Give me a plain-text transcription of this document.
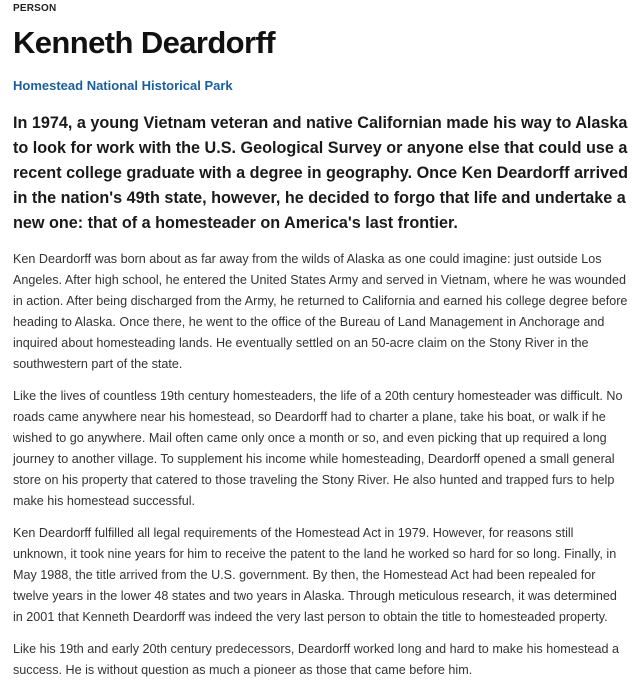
PERSON

Kenneth Deardorff
Homestead National Historical Park

In 1974, a young Vietnam veteran and native Californian made his way to Alaska to look for work with the U.S. Geological Survey or anyone else that could use a recent college graduate with a degree in geography. Once Ken Deardorff arrived in the nation's 49th state, however, he decided to forgo that life and undertake a new one: that of a homesteader on America's last frontier.

Ken Deardorff was born about as far away from the wilds of Alaska as one could imagine: just outside Los Angeles. After high school, he entered the United States Army and served in Vietnam, where he was wounded in action. After being discharged from the Army, he returned to California and earned his college degree before heading to Alaska. Once there, he went to the office of the Bureau of Land Management in Anchorage and inquired about homesteading lands. He eventually settled on an 50-acre claim on the Stony River in the southwestern part of the state.

Like the lives of countless 19th century homesteaders, the life of a 20th century homesteader was difficult. No roads came anywhere near his homestead, so Deardorff had to charter a plane, take his boat, or walk if he wished to go anywhere. Mail often came only once a month or so, and even picking that up required a long journey to another village. To supplement his income while homesteading, Deardorff opened a small general store on his property that catered to those traveling the Stony River. He also hunted and trapped furs to help make his homestead successful.

Ken Deardorff fulfilled all legal requirements of the Homestead Act in 1979. However, for reasons still unknown, it took nine years for him to receive the patent to the land he worked so hard for so long. Finally, in May 1988, the title arrived from the U.S. government. By then, the Homestead Act had been repealed for twelve years in the lower 48 states and two years in Alaska. Through meticulous research, it was determined in 2001 that Kenneth Deardorff was indeed the very last person to obtain the title to homesteaded property.

Like his 19th and early 20th century predecessors, Deardorff worked long and hard to make his homestead a success. He is without question as much a pioneer as those that came before him.
